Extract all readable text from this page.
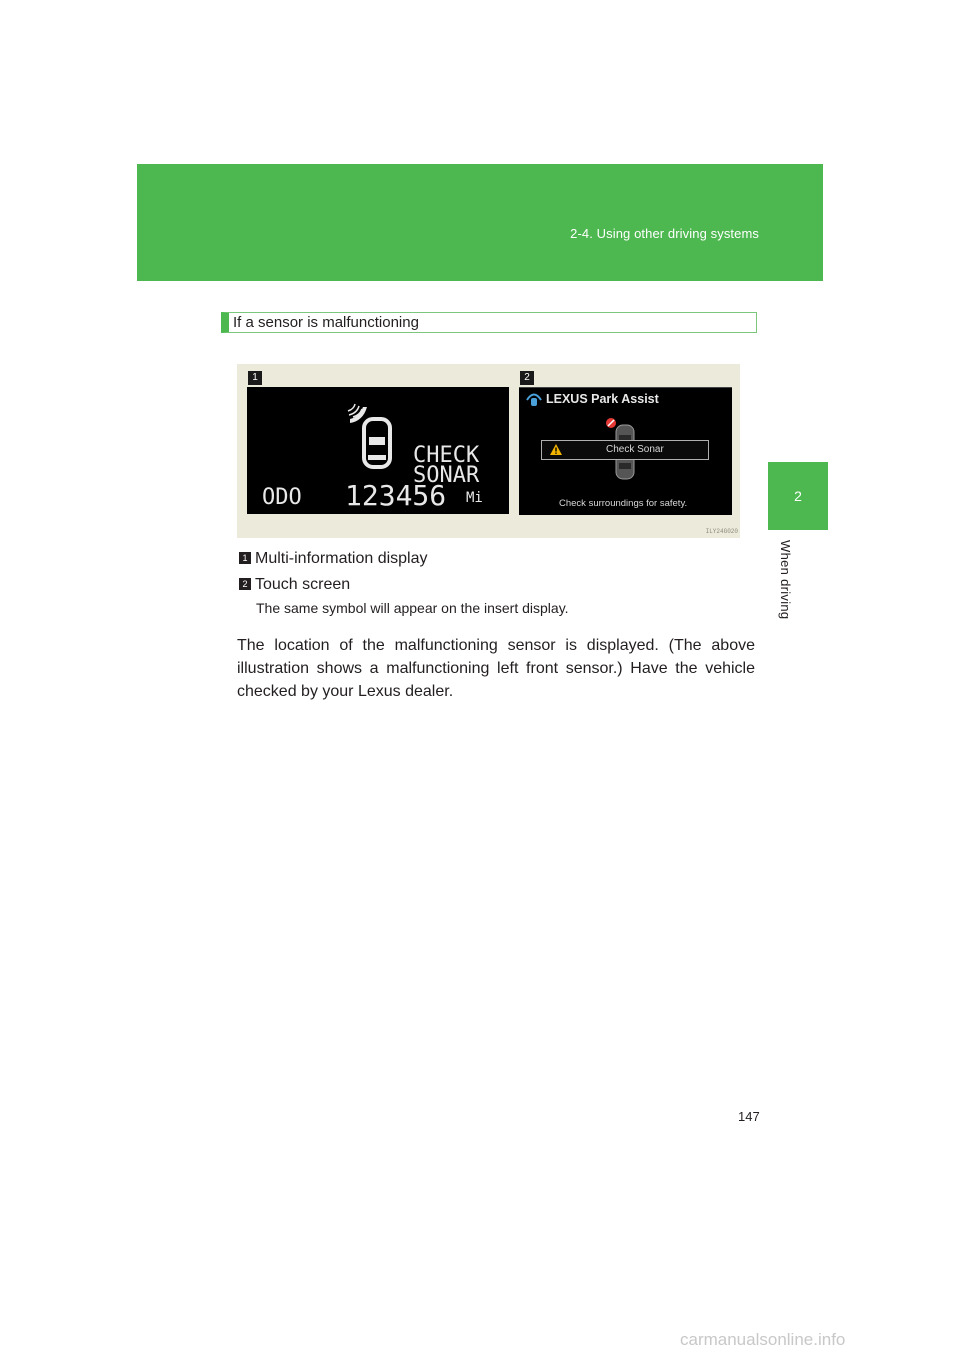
2-4. Using other driving systems
2
When driving
If a sensor is malfunctioning
1	2
CHECK
SONAR
ODO 123456 Mi
LEXUS Park Assist
Check Sonar
Check surroundings for safety.
ILY24G020
1 Multi-information display
2 Touch screen
The same symbol will appear on the insert display.
The location of the malfunctioning sensor is displayed. (The above illustration shows a malfunctioning left front sensor.) Have the vehicle checked by your Lexus dealer.
147
carmanualsonline.info
